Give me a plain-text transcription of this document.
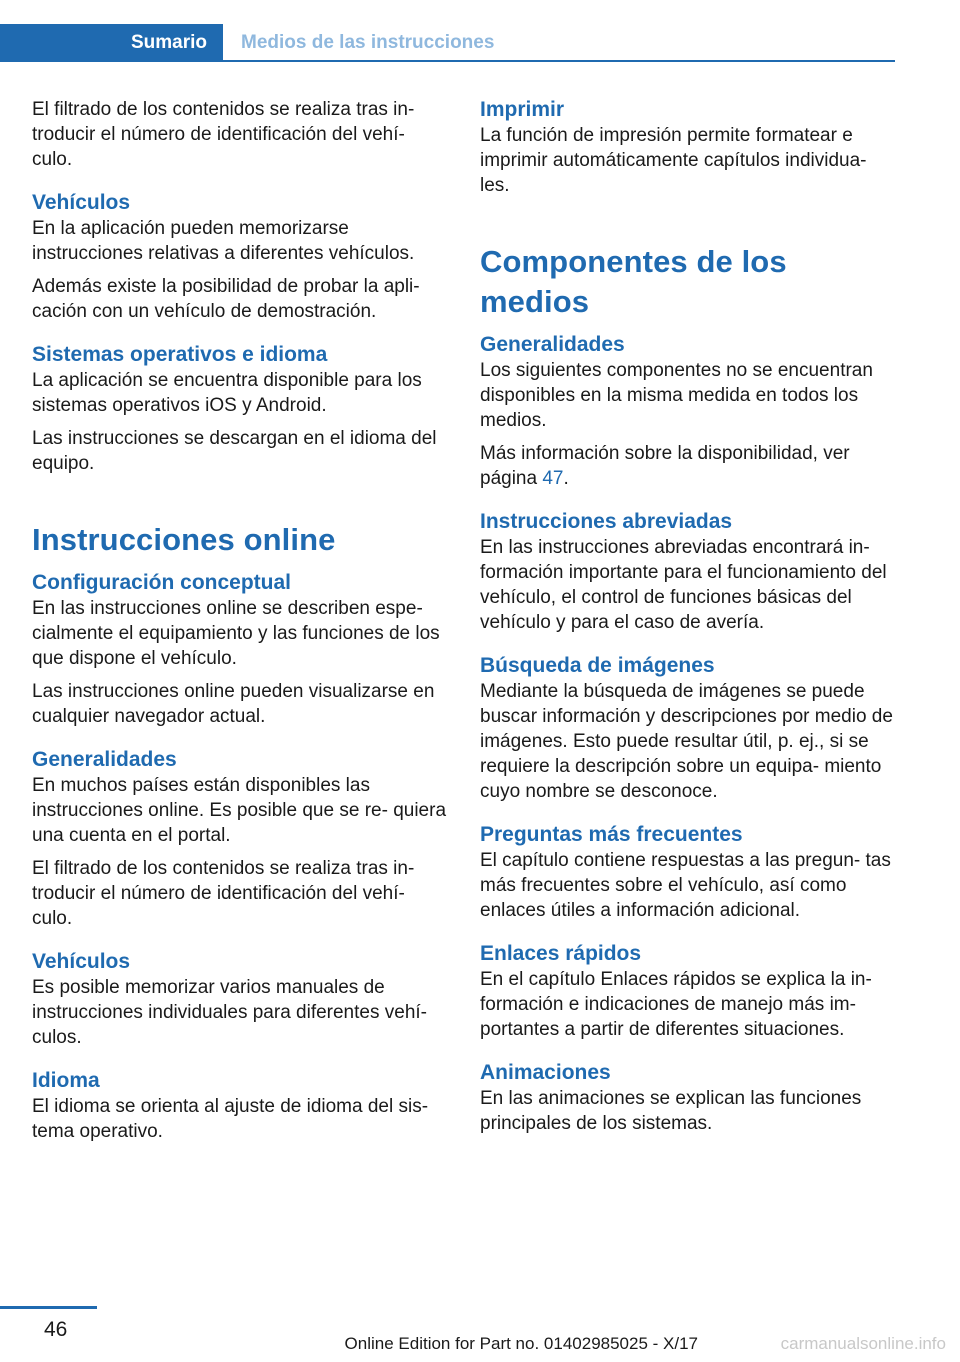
Sumario Medios de las instrucciones

El filtrado de los contenidos se realiza tras in- troducir el número de identificación del vehí- culo.

Vehículos

En la aplicación pueden memorizarse instrucciones relativas a diferentes vehículos.

Además existe la posibilidad de probar la apli- cación con un vehículo de demostración.

Sistemas operativos e idioma

La aplicación se encuentra disponible para los sistemas operativos iOS y Android.

Las instrucciones se descargan en el idioma del equipo.

Instrucciones online
Configuración conceptual

En las instrucciones online se describen espe- cialmente el equipamiento y las funciones de los que dispone el vehículo.

Las instrucciones online pueden visualizarse en cualquier navegador actual.

Generalidades

En muchos países están disponibles las instrucciones online. Es posible que se re- quiera una cuenta en el portal.

El filtrado de los contenidos se realiza tras in- troducir el número de identificación del vehí- culo.

Vehículos

Es posible memorizar varios manuales de instrucciones individuales para diferentes vehí- culos.

Idioma

El idioma se orienta al ajuste de idioma del sis- tema operativo.

Imprimir

La función de impresión permite formatear e imprimir automáticamente capítulos individua- les.

Componentes de los medios
Generalidades

Los siguientes componentes no se encuentran disponibles en la misma medida en todos los medios.

Más información sobre la disponibilidad, ver página 47.

Instrucciones abreviadas

En las instrucciones abreviadas encontrará in- formación importante para el funcionamiento del vehículo, el control de funciones básicas del vehículo y para el caso de avería.

Búsqueda de imágenes

Mediante la búsqueda de imágenes se puede buscar información y descripciones por medio de imágenes. Esto puede resultar útil, p. ej., si se requiere la descripción sobre un equipa- miento cuyo nombre se desconoce.

Preguntas más frecuentes

El capítulo contiene respuestas a las pregun- tas más frecuentes sobre el vehículo, así como enlaces útiles a información adicional.

Enlaces rápidos

En el capítulo Enlaces rápidos se explica la in- formación e indicaciones de manejo más im- portantes a partir de diferentes situaciones.

Animaciones

En las animaciones se explican las funciones principales de los sistemas.

46
Online Edition for Part no. 01402985025 - X/17	carmanualsonline.info
